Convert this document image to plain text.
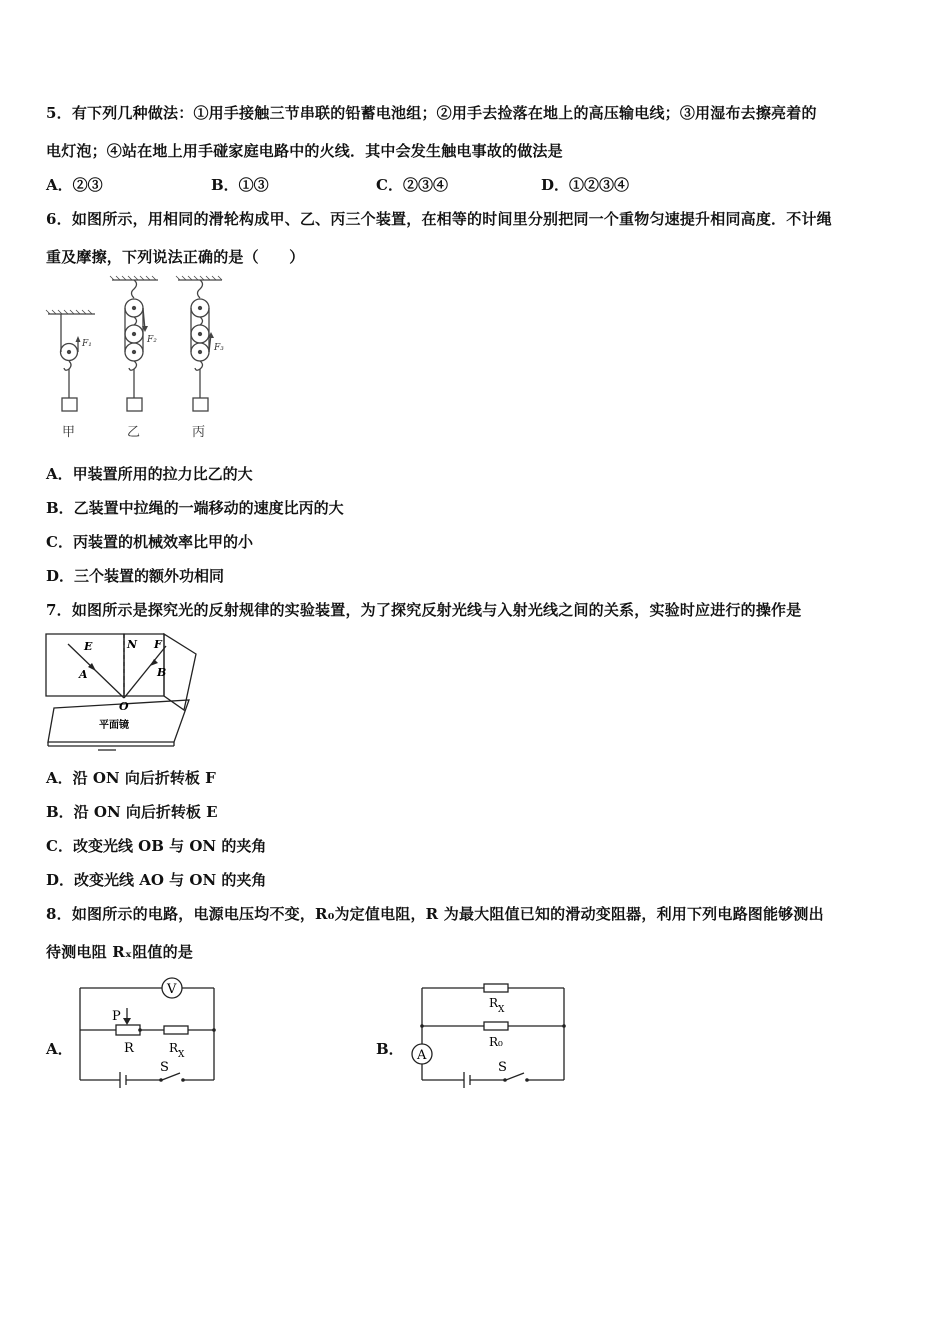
5．有下列几种做法：①用手接触三节串联的铅蓄电池组；②用手去捡落在地上的高压输电线；③用湿布去擦亮着的
电灯泡；④站在地上用手碰家庭电路中的火线．其中会发生触电事故的做法是
A．②③	B．①③	C．②③④	D．①②③④
6．如图所示，用相同的滑轮构成甲、乙、丙三个装置，在相等的时间里分别把同一个重物匀速提升相同高度．不计绳
重及摩擦，下列说法正确的是（　　）
F₁	F₂
F₃
甲	乙	丙
A．甲装置所用的拉力比乙的大
B．乙装置中拉绳的一端移动的速度比丙的大
C．丙装置的机械效率比甲的小
D．三个装置的额外功相同
7．如图所示是探究光的反射规律的实验装置，为了探究反射光线与入射光线之间的关系，实验时应进行的操作是
E	N F
A	B
O
平面镜
A．沿 ON 向后折转板 F
B．沿 ON 向后折转板 E
C．改变光线 OB 与 ON 的夹角
D．改变光线 AO 与 ON 的夹角
8．如图所示的电路，电源电压均不变，R₀为定值电阻，R 为最大阻值已知的滑动变阻器，利用下列电路图能够测出
待测电阻 Rₓ阻值的是
A．
V
P
R	R X
S
B． A
R X
R₀
S
